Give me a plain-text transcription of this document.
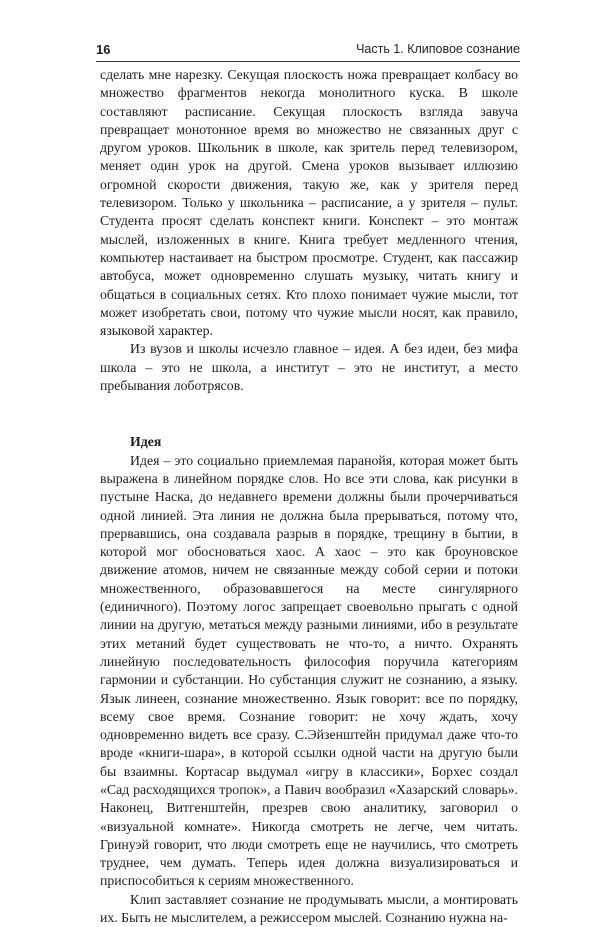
16	Часть 1. Клиповое сознание

сделать мне нарезку. Секущая плоскость ножа превращает колбасу во множество фрагментов некогда монолитного куска. В школе составляют расписание. Секущая плоскость взгляда завуча превращает монотонное время во множество не связанных друг с другом уроков. Школьник в школе, как зритель перед телевизором, меняет один урок на другой. Смена уроков вызывает иллюзию огромной скорости движения, такую же, как у зрителя перед телевизором. Только у школьника – расписание, а у зрителя – пульт. Студента просят сделать конспект книги. Конспект – это монтаж мыслей, изложенных в книге. Книга требует медленного чтения, компьютер настаивает на быстром просмотре. Студент, как пассажир автобуса, может одновременно слушать музыку, читать книгу и общаться в социальных сетях. Кто плохо понимает чужие мысли, тот может изобретать свои, потому что чужие мысли носят, как правило, языковой характер.

Из вузов и школы исчезло главное – идея. А без идеи, без мифа школа – это не школа, а институт – это не институт, а место пребывания лоботрясов.

Идея

Идея – это социально приемлемая паранойя, которая может быть выражена в линейном порядке слов. Но все эти слова, как рисунки в пустыне Наска, до недавнего времени должны были прочерчиваться одной линией. Эта линия не должна была прерываться, потому что, прервавшись, она создавала разрыв в порядке, трещину в бытии, в которой мог обосноваться хаос. А хаос – это как броуновское движение атомов, ничем не связанные между собой серии и потоки множественного, образовавшегося на месте сингулярного (единичного). Поэтому логос запрещает своевольно прыгать с одной линии на другую, метаться между разными линиями, ибо в результате этих метаний будет существовать не что-то, а ничто. Охранять линейную последовательность философия поручила категориям гармонии и субстанции. Но субстанция служит не сознанию, а языку. Язык линеен, сознание множественно. Язык говорит: все по порядку, всему свое время. Сознание говорит: не хочу ждать, хочу одновременно видеть все сразу. С.Эйзенштейн придумал даже что-то вроде «книги-шара», в которой ссылки одной части на другую были бы взаимны. Кортасар выдумал «игру в классики», Борхес создал «Сад расходящихся тропок», а Павич вообразил «Хазарский словарь». Наконец, Витгенштейн, презрев свою аналитику, заговорил о «визуальной комнате». Никогда смотреть не легче, чем читать. Гринуэй говорит, что люди смотреть еще не научились, что смотреть труднее, чем думать. Теперь идея должна визуализироваться и приспособиться к сериям множественного.

Клип заставляет сознание не продумывать мысли, а монтировать их. Быть не мыслителем, а режиссером мыслей. Сознанию нужна на-
